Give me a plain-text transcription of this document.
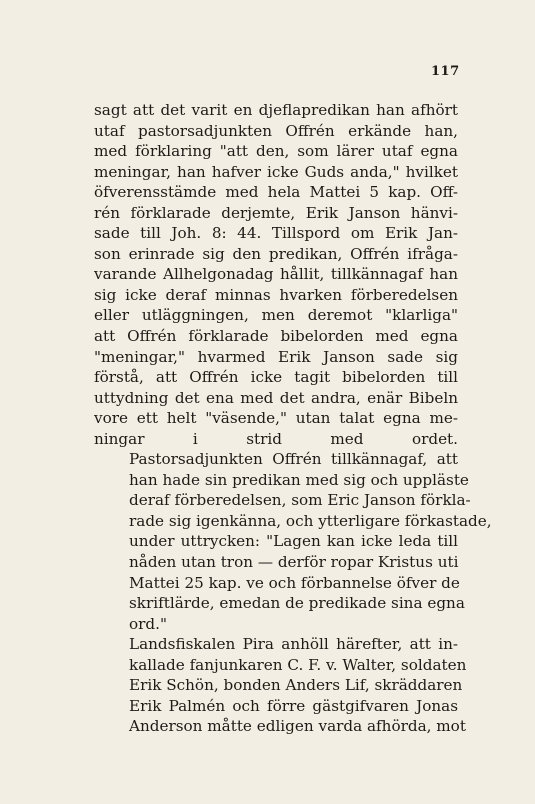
117

sagt att det varit en djeflapredikan han afhört
utaf pastorsadjunkten Offrén erkände han,
med förklaring "att den, som lärer utaf egna
meningar, han hafver icke Guds anda," hvilket
öfverensstämde med hela Mattei 5 kap. Off-
rén förklarade derjemte, Erik Janson hänvi-
sade till Joh. 8: 44. Tillspord om Erik Jan-
son erinrade sig den predikan, Offrén ifråga-
varande Allhelgonadag hållit, tillkännagaf han
sig icke deraf minnas hvarken förberedelsen
eller utläggningen, men deremot "klarliga"
att Offrén förklarade bibelorden med egna
"meningar," hvarmed Erik Janson sade sig
förstå, att Offrén icke tagit bibelorden till
uttydning det ena med det andra, enär Bibeln
vore ett helt "väsende," utan talat egna me-
ningar i strid med ordet.

Pastorsadjunkten Offrén tillkännagaf, att
han hade sin predikan med sig och uppläste
deraf förberedelsen, som Eric Janson förkla-
rade sig igenkänna, och ytterligare förkastade,
under uttrycken: "Lagen kan icke leda till
nåden utan tron — derför ropar Kristus uti
Mattei 25 kap. ve och förbannelse öfver de
skriftlärde, emedan de predikade sina egna
ord."

Landsfiskalen Pira anhöll härefter, att in-
kallade fanjunkaren C. F. v. Walter, soldaten
Erik Schön, bonden Anders Lif, skräddaren
Erik Palmén och förre gästgifvaren Jonas
Anderson måtte edligen varda afhörda, mot
